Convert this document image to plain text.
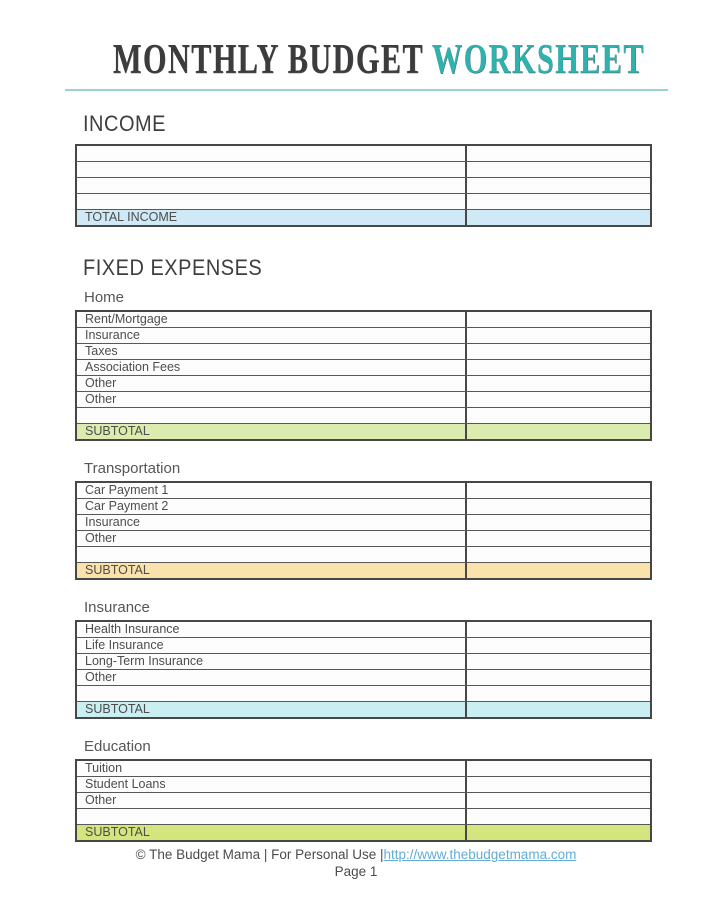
MONTHLY BUDGET WORKSHEET
INCOME
TOTAL INCOME
FIXED EXPENSES
Home
Rent/Mortgage
Insurance
Taxes
Association Fees
Other
Other
SUBTOTAL
Transportation
Car Payment 1
Car Payment 2
Insurance
Other
SUBTOTAL
Insurance
Health Insurance
Life Insurance
Long-Term Insurance
Other
SUBTOTAL
Education
Tuition
Student Loans
Other
SUBTOTAL
© The Budget Mama | For Personal Use |http://www.thebudgetmama.com
Page 1
